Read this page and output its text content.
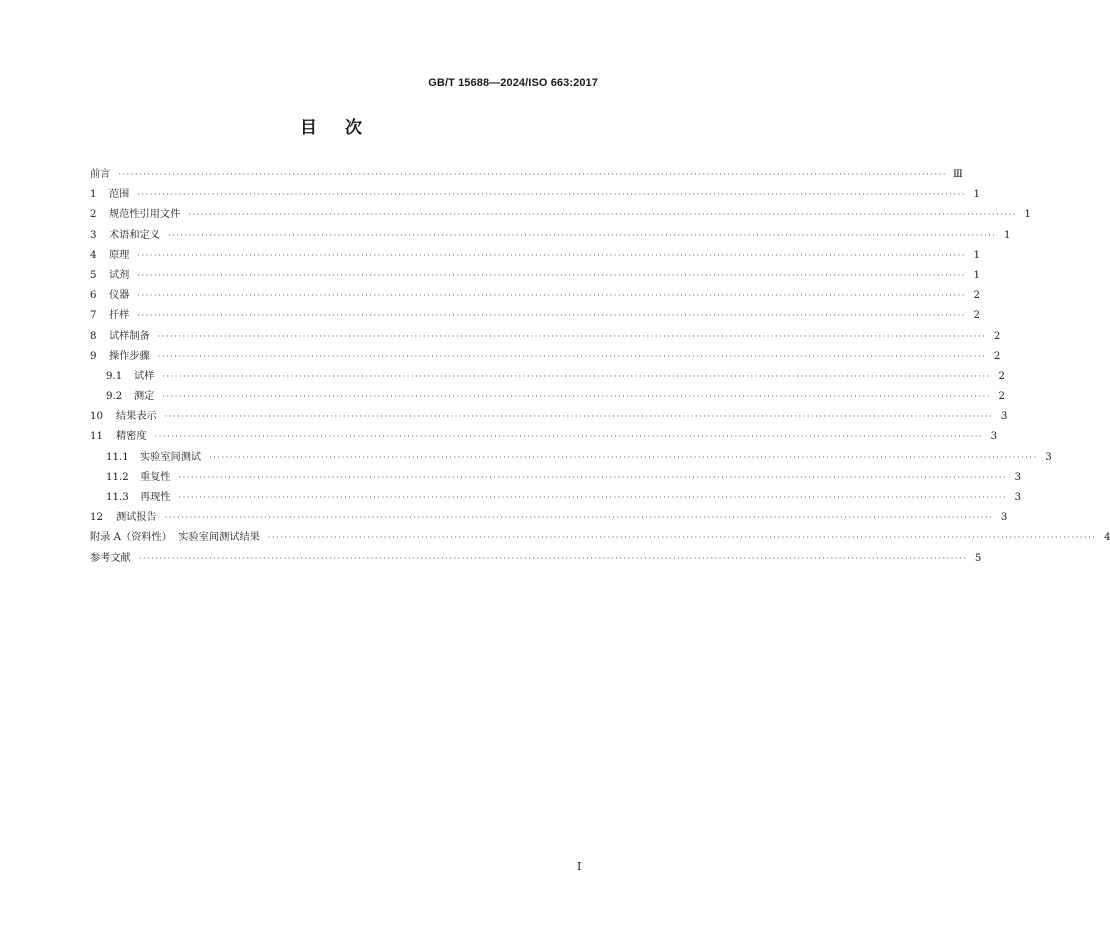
GB/T 15688—2024/ISO 663:2017
目 次
前言 ········································································································································································································ Ⅲ
1	范围 ········································································································································································································ 1
2	规范性引用文件 ········································································································································································································ 1
3	术语和定义 ········································································································································································································ 1
4	原理 ········································································································································································································ 1
5	试剂 ········································································································································································································ 1
6	仪器 ········································································································································································································ 2
7	扦样 ········································································································································································································ 2
8	试样制备 ········································································································································································································ 2
9	操作步骤 ········································································································································································································ 2
9.1	试样 ········································································································································································································ 2
9.2	测定 ········································································································································································································ 2
10	结果表示 ········································································································································································································ 3
11	精密度 ········································································································································································································ 3
11.1	实验室间测试 ········································································································································································································ 3
11.2	重复性 ········································································································································································································ 3
11.3	再现性 ········································································································································································································ 3
12	测试报告 ········································································································································································································ 3
附录 A（资料性）  实验室间测试结果 ········································································································································································································ 4
参考文献 ········································································································································································································ 5
I
